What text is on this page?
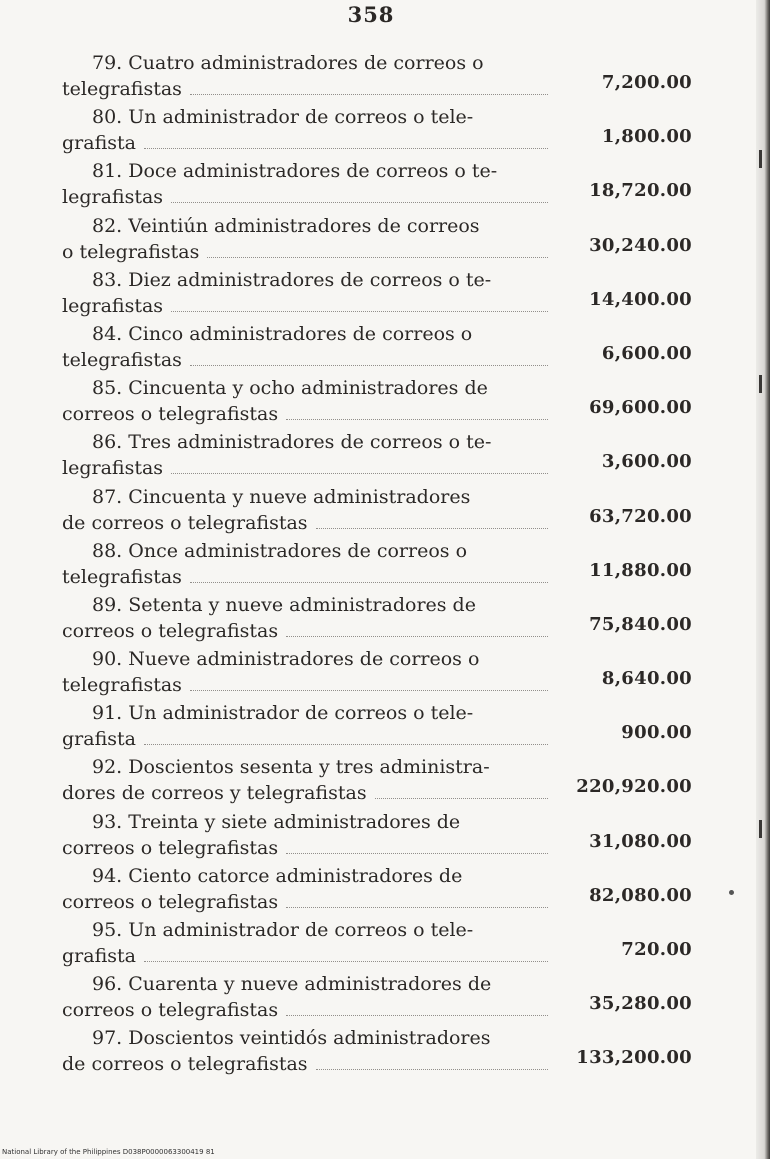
358
79. Cuatro administradores de correos o
telegrafistas	7,200.00
80. Un administrador de correos o tele-
grafista	1,800.00
81. Doce administradores de correos o te-
legrafistas	18,720.00
82. Veintiún administradores de correos
o telegrafistas	30,240.00
83. Diez administradores de correos o te-
legrafistas	14,400.00
84. Cinco administradores de correos o
telegrafistas	6,600.00
85. Cincuenta y ocho administradores de
correos o telegrafistas	69,600.00
86. Tres administradores de correos o te-
legrafistas	3,600.00
87. Cincuenta y nueve administradores
de correos o telegrafistas	63,720.00
88. Once administradores de correos o
telegrafistas	11,880.00
89. Setenta y nueve administradores de
correos o telegrafistas	75,840.00
90. Nueve administradores de correos o
telegrafistas	8,640.00
91. Un administrador de correos o tele-
grafista	900.00
92. Doscientos sesenta y tres administra-
dores de correos y telegrafistas	220,920.00
93. Treinta y siete administradores de
correos o telegrafistas	31,080.00
94. Ciento catorce administradores de
correos o telegrafistas	82,080.00
95. Un administrador de correos o tele-
grafista	720.00
96. Cuarenta y nueve administradores de
correos o telegrafistas	35,280.00
97. Doscientos veintidós administradores
de correos o telegrafistas	133,200.00
National Library of the Philippines D038P0000063300419 81
